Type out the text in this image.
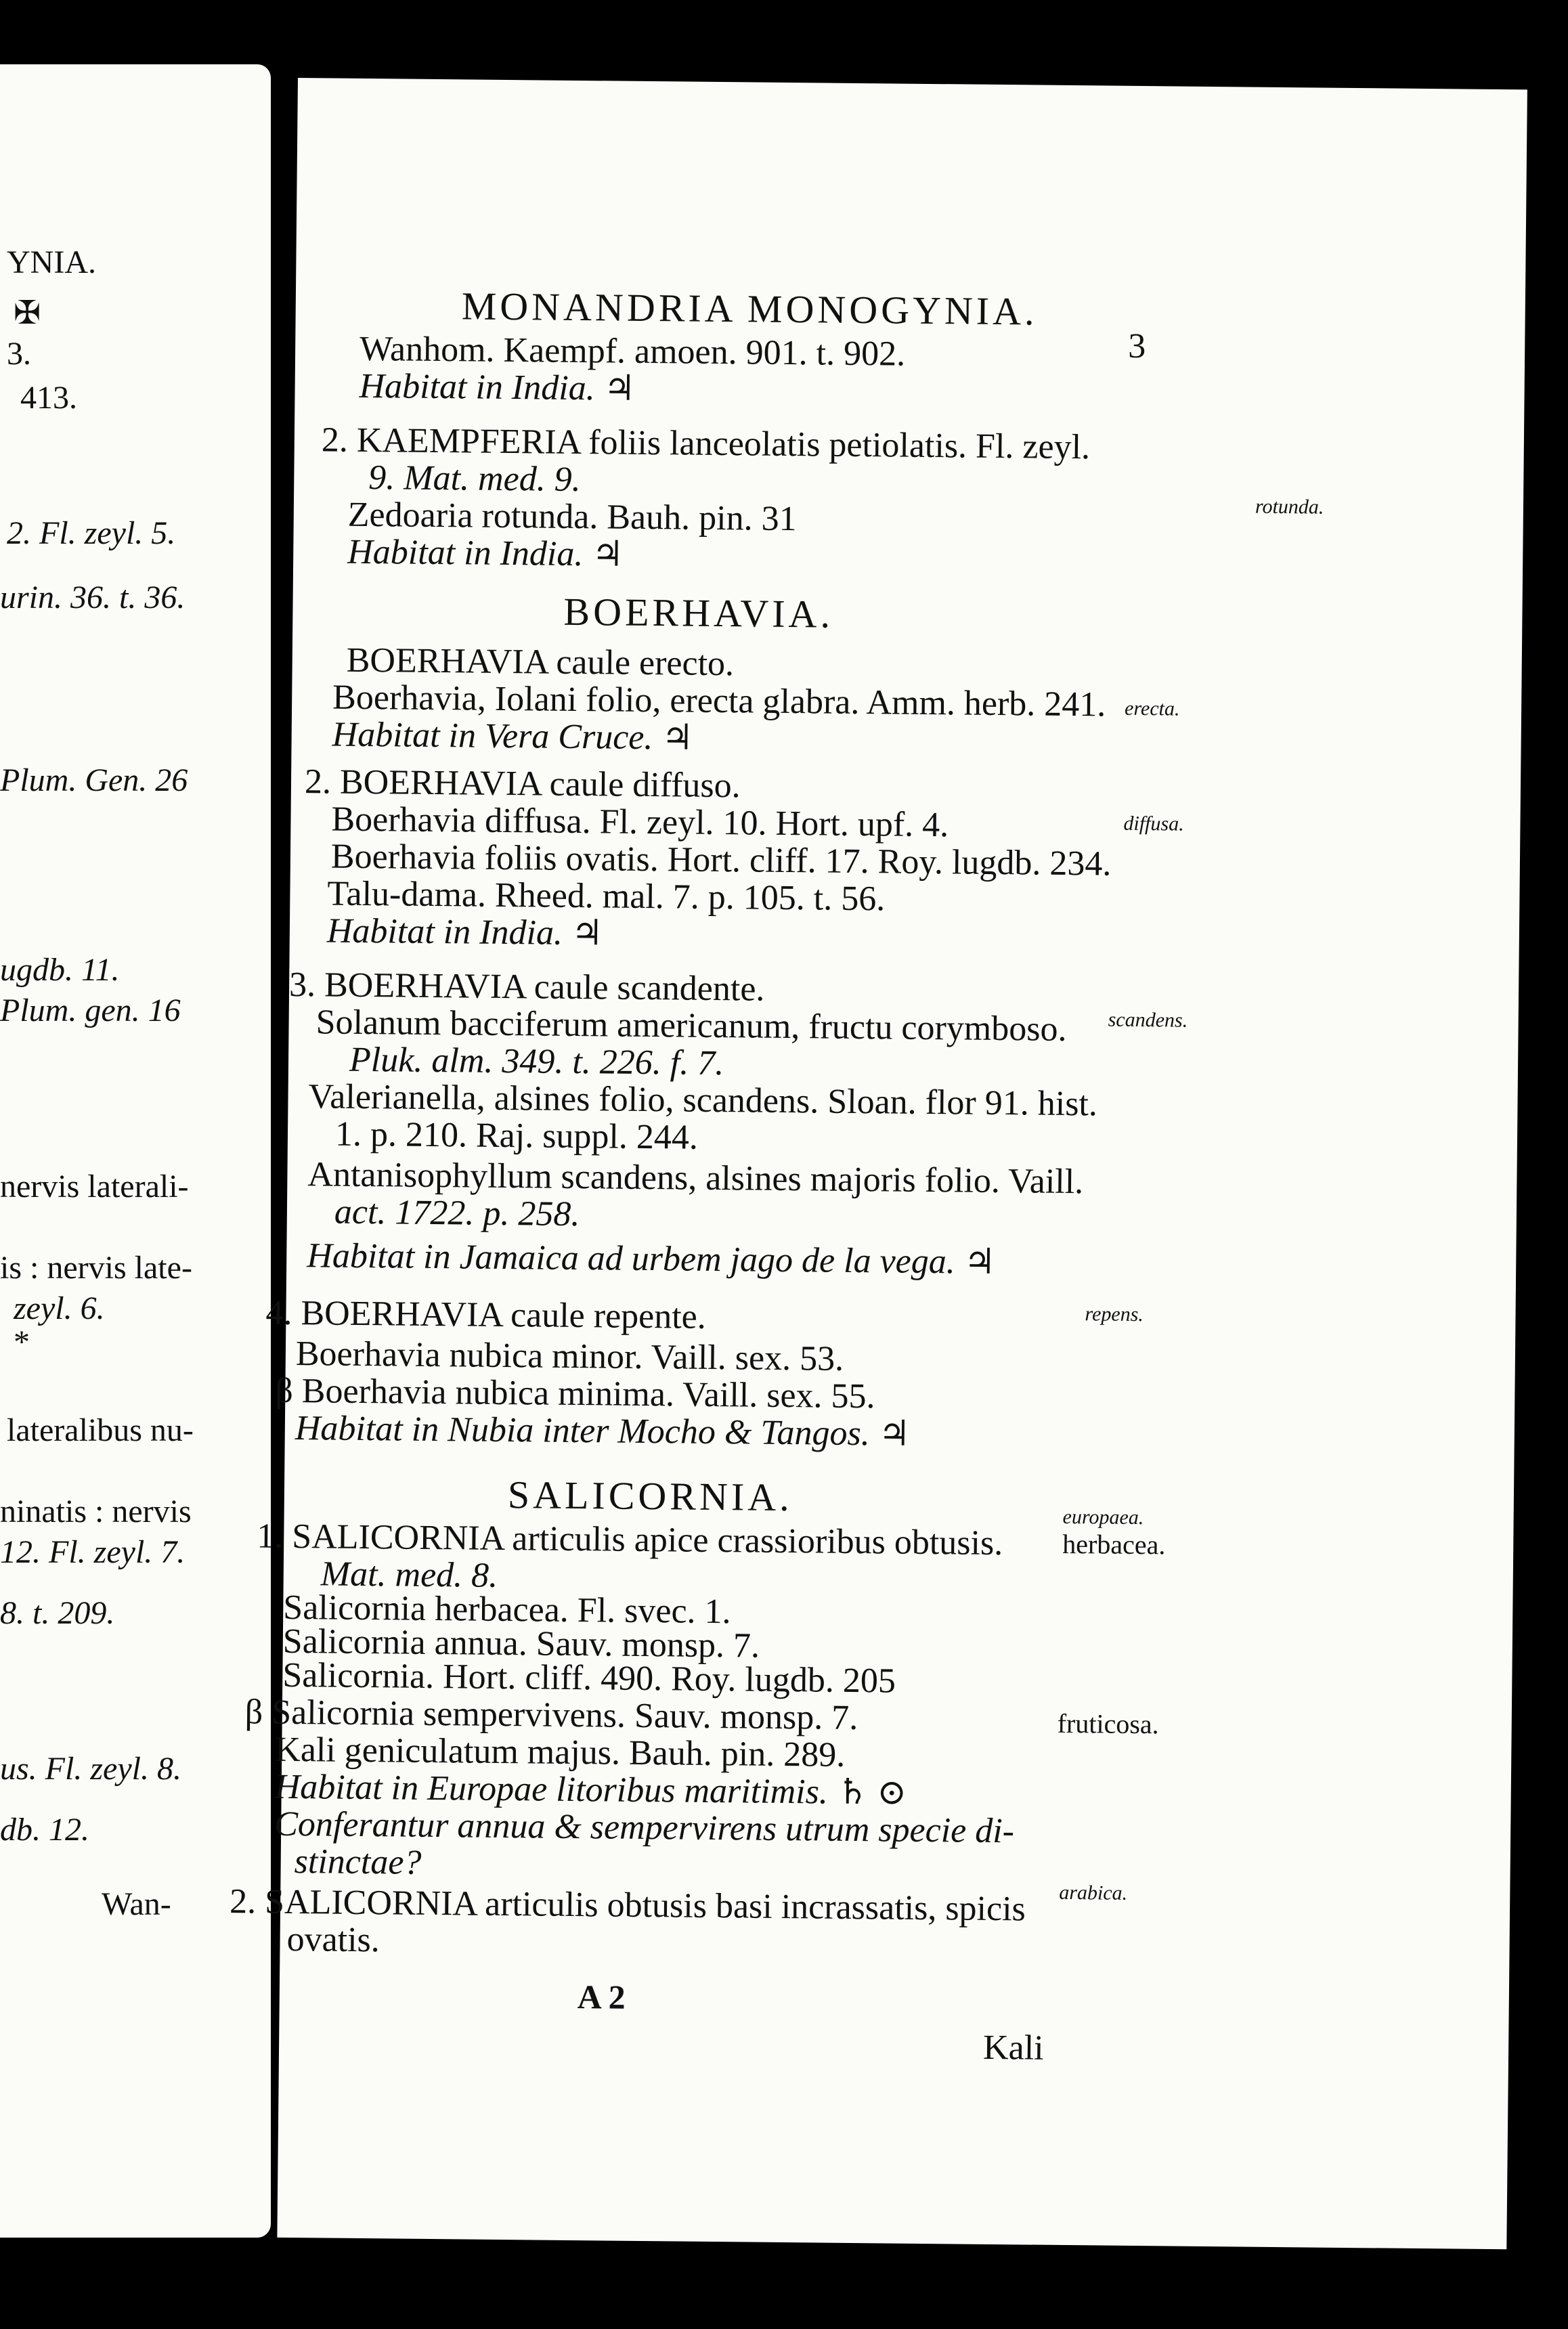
YNIA.
✠
3.
413.
2. Fl. zeyl. 5.
urin. 36. t. 36.
Plum. Gen. 26
ugdb. 11.
Plum. gen. 16
nervis laterali-
is : nervis late-
zeyl. 6.
*
lateralibus nu-
ninatis : nervis
12. Fl. zeyl. 7.
8. t. 209.
us. Fl. zeyl. 8.
db. 12.
Wan-
MONANDRIA MONOGYNIA.
3
Wanhom. Kaempf. amoen. 901. t. 902.
Habitat in India. ♃
2. KAEMPFERIA foliis lanceolatis petiolatis. Fl. zeyl.
9. Mat. med. 9.
Zedoaria rotunda. Bauh. pin. 31
Habitat in India. ♃
BOERHAVIA.
BOERHAVIA caule erecto.
Boerhavia, Iolani folio, erecta glabra. Amm. herb. 241.
Habitat in Vera Cruce. ♃
2. BOERHAVIA caule diffuso.
Boerhavia diffusa. Fl. zeyl. 10. Hort. upf. 4.
Boerhavia foliis ovatis. Hort. cliff. 17. Roy. lugdb. 234.
Talu-dama. Rheed. mal. 7. p. 105. t. 56.
Habitat in India. ♃
3. BOERHAVIA caule scandente.
Solanum bacciferum americanum, fructu corymboso.
Pluk. alm. 349. t. 226. f. 7.
Valerianella, alsines folio, scandens. Sloan. flor 91. hist.
1. p. 210. Raj. suppl. 244.
Antanisophyllum scandens, alsines majoris folio. Vaill.
act. 1722. p. 258.
Habitat in Jamaica ad urbem jago de la vega. ♃
4. BOERHAVIA caule repente.
Boerhavia nubica minor. Vaill. sex. 53.
β Boerhavia nubica minima. Vaill. sex. 55.
Habitat in Nubia inter Mocho & Tangos. ♃
SALICORNIA.
1. SALICORNIA articulis apice crassioribus obtusis.
Mat. med. 8.
Salicornia herbacea. Fl. svec. 1.
Salicornia annua. Sauv. monsp. 7.
Salicornia. Hort. cliff. 490. Roy. lugdb. 205
β Salicornia sempervivens. Sauv. monsp. 7.
Kali geniculatum majus. Bauh. pin. 289.
Habitat in Europae litoribus maritimis. ♄ ⊙
Conferantur annua & sempervirens utrum specie di-
stinctae?
2. SALICORNIA articulis obtusis basi incrassatis, spicis
ovatis.
A 2
Kali
rotunda.
erecta.
diffusa.
scandens.
repens.
europaea.
herbacea.
fruticosa.
arabica.
